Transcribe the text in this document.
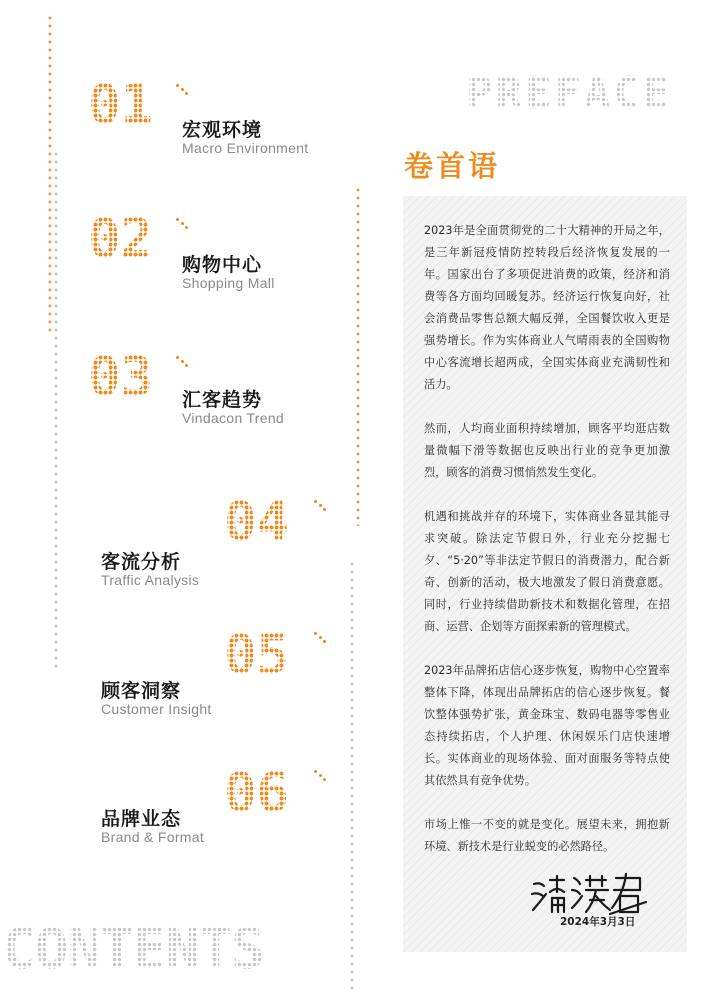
01 宏观环境
Macro Environment
02 购物中心
Shopping Mall
03 汇客趋势
Vindacon Trend
04
客流分析
Traffic Analysis
05
顾客洞察
Customer Insight
06
品牌业态
Brand & Format
CONTENTS
PREFACE
卷首语

2023年是全面贯彻党的二十大精神的开局之年，是三年新冠疫情防控转段后经济恢复发展的一年。国家出台了多项促进消费的政策，经济和消费等各方面均回暖复苏。经济运行恢复向好，社会消费品零售总额大幅反弹，全国餐饮收入更是强势增长。作为实体商业人气晴雨表的全国购物中心客流增长超两成，全国实体商业充满韧性和活力。

然而，人均商业面积持续增加，顾客平均逛店数量微幅下滑等数据也反映出行业的竞争更加激烈，顾客的消费习惯悄然发生变化。

机遇和挑战并存的环境下，实体商业各显其能寻求突破。除法定节假日外，行业充分挖掘七夕、“5·20”等非法定节假日的消费潜力，配合新奇、创新的活动，极大地激发了假日消费意愿。同时，行业持续借助新技术和数据化管理，在招商、运营、企划等方面探索新的管理模式。

2023年品牌拓店信心逐步恢复，购物中心空置率整体下降，体现出品牌拓店的信心逐步恢复。餐饮整体强势扩张，黄金珠宝、数码电器等零售业态持续拓店，个人护理、休闲娱乐门店快速增长。实体商业的现场体验、面对面服务等特点使其依然具有竞争优势。

市场上惟一不变的就是变化。展望未来，拥抱新环境、新技术是行业蜕变的必然路径。

2024年3月3日
